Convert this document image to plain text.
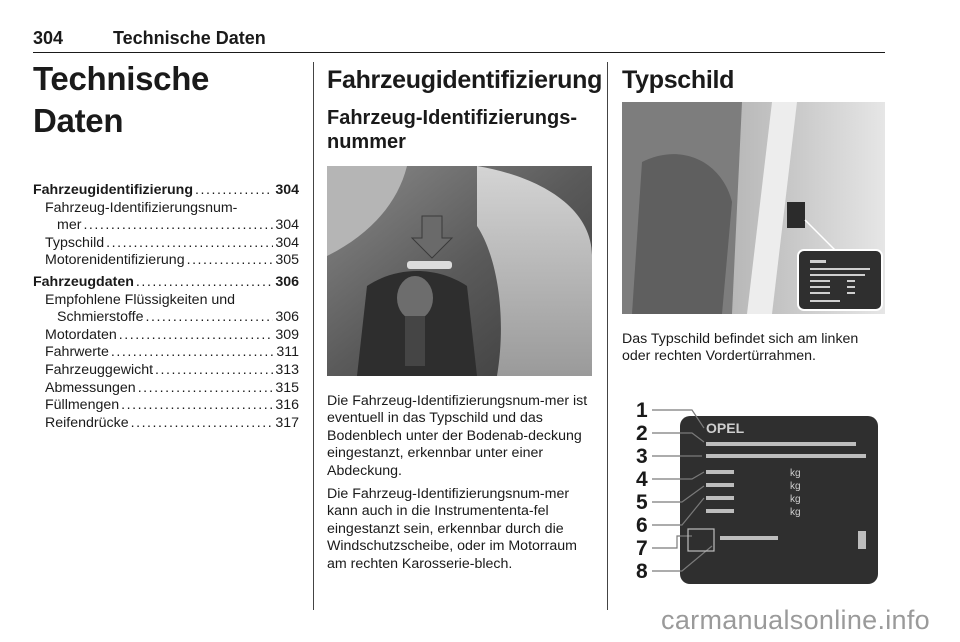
304	Technische Daten
Technische Daten
Fahrzeugidentifizierung . . .	304
Fahrzeug-Identifizierungsnum-
mer . . .	304
Typschild . . .	304
Motorenidentifizierung . . .	305
Fahrzeugdaten . . .	306
Empfohlene Flüssigkeiten und
Schmierstoffe . . .	306
Motordaten . . .	309
Fahrwerte . . .	311
Fahrzeuggewicht . . .	313
Abmessungen . . .	315
Füllmengen . . .	316
Reifendrücke . . .	317
Fahrzeugidentifizierung
Fahrzeug-Identifizierungs-
nummer

Die Fahrzeug-Identifizierungsnum-mer ist eventuell in das Typschild und das Bodenblech unter der Bodenab-deckung eingestanzt, erkennbar unter einer Abdeckung.

Die Fahrzeug-Identifizierungsnum-mer kann auch in die Instrumententa-fel eingestanzt sein, erkennbar durch die Windschutzscheibe, oder im Motorraum am rechten Karosserie-blech.

Typschild
Das Typschild befindet sich am linken oder rechten Vordertürrahmen.
1
2
3
4
5
6
7
8
OPEL
kg
kg
kg
kg
carmanualsonline.info
